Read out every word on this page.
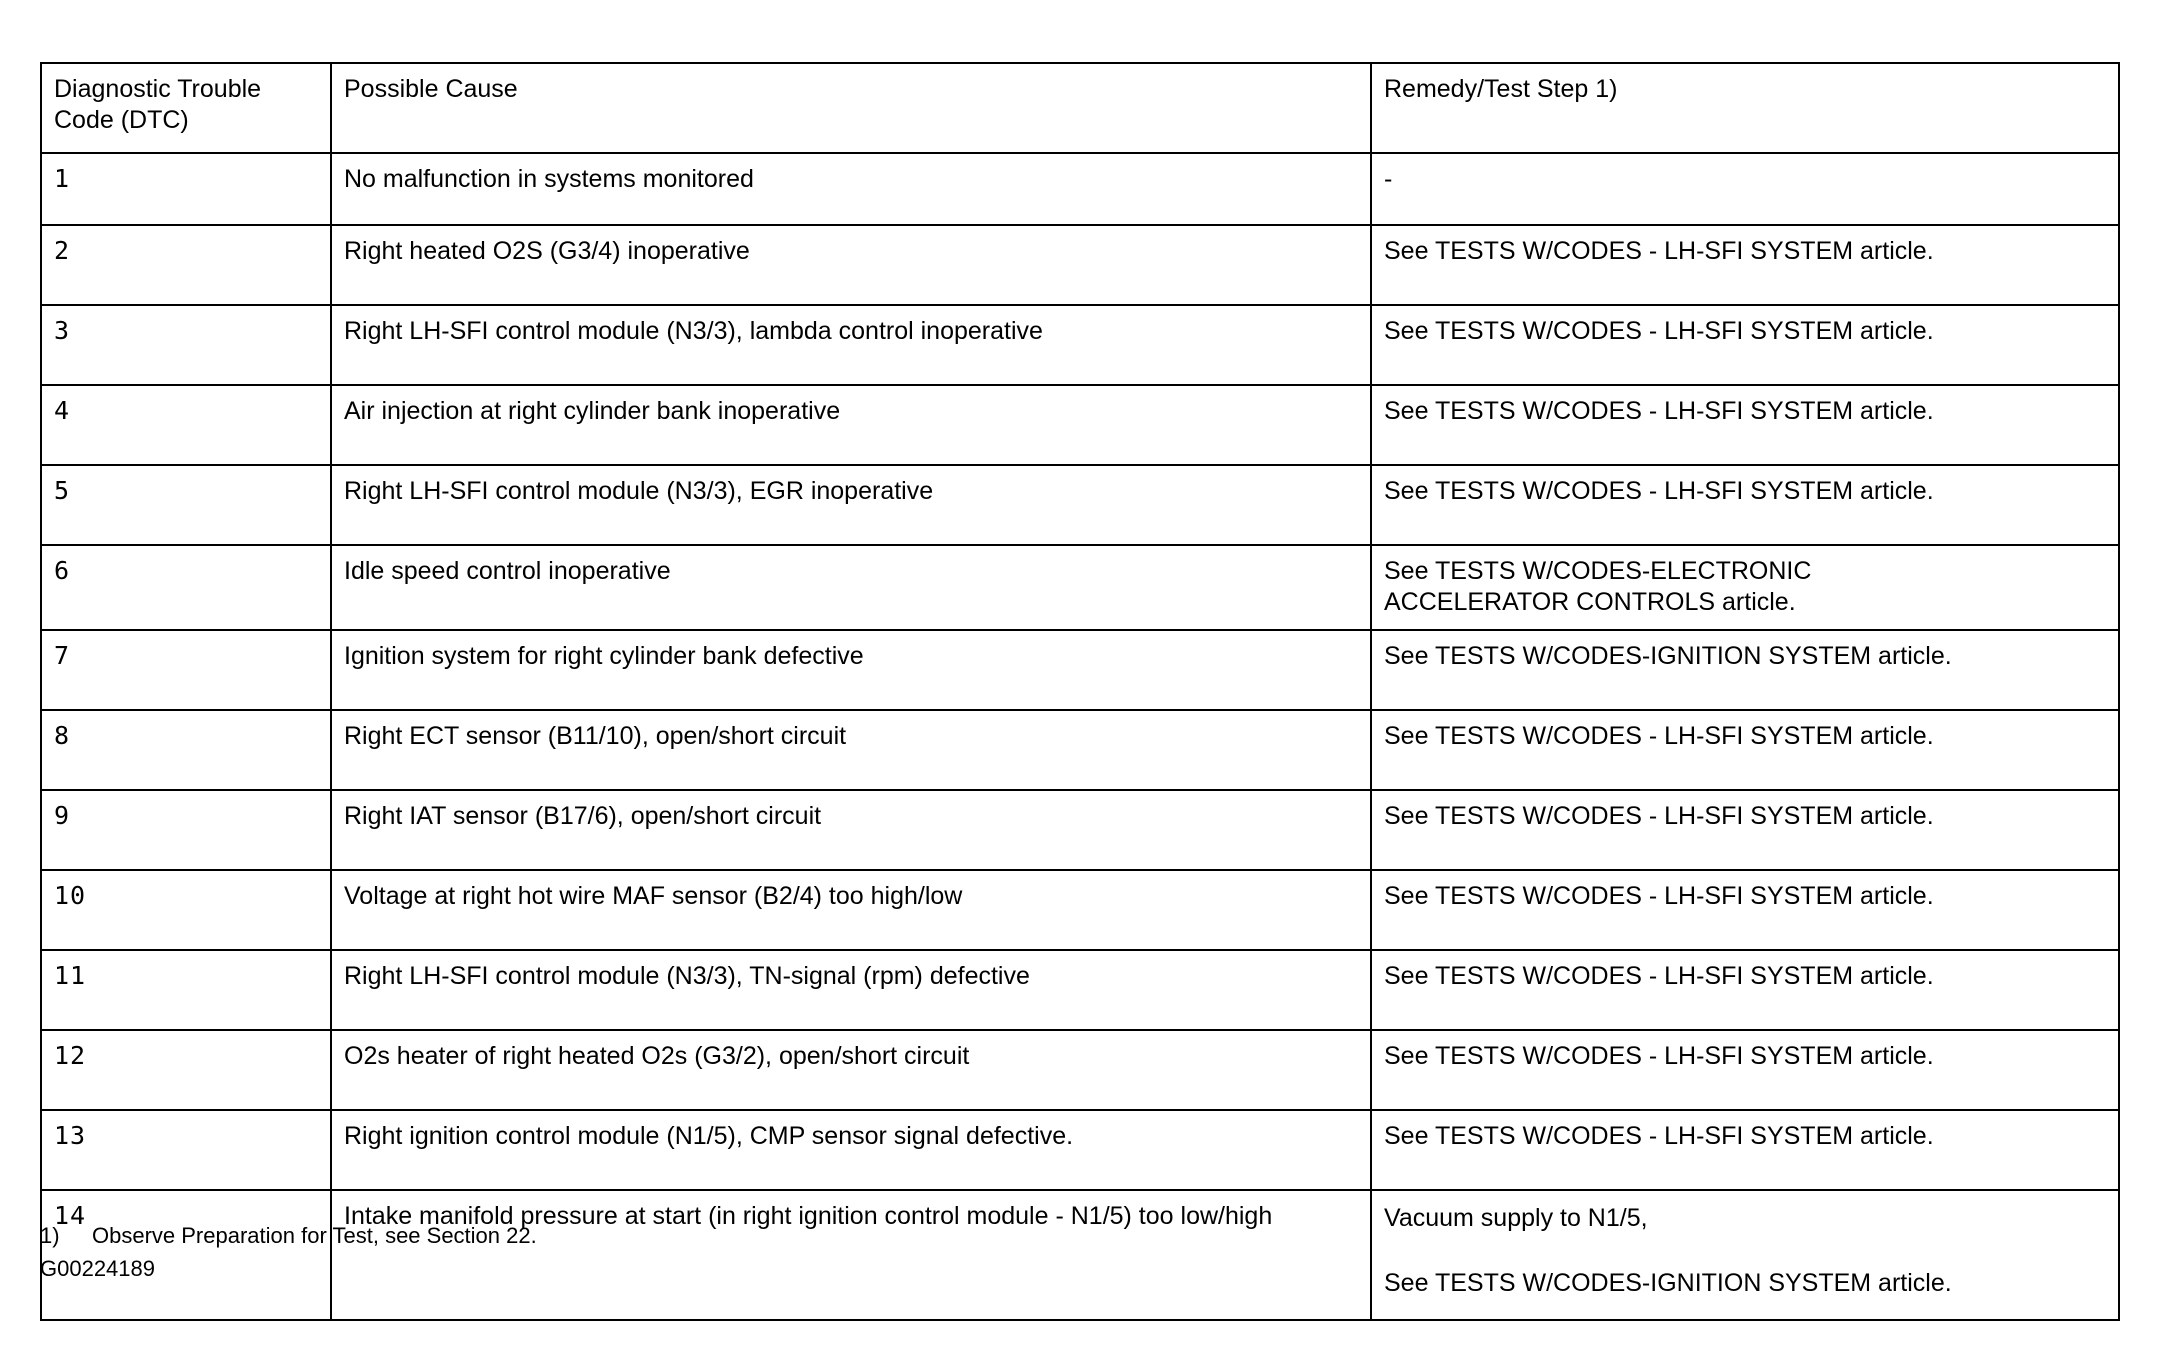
Diagnostic Trouble
Code (DTC)	Possible Cause	Remedy/Test Step 1)
1	No malfunction in systems monitored	-

2	Right heated O2S (G3/4) inoperative	See TESTS W/CODES - LH-SFI SYSTEM article.

3	Right LH-SFI control module (N3/3), lambda control inoperative	See TESTS W/CODES - LH-SFI SYSTEM article.

4	Air injection at right cylinder bank inoperative	See TESTS W/CODES - LH-SFI SYSTEM article.

5	Right LH-SFI control module (N3/3), EGR inoperative	See TESTS W/CODES - LH-SFI SYSTEM article.

6	Idle speed control inoperative	See TESTS W/CODES-ELECTRONIC
ACCELERATOR CONTROLS article.

7	Ignition system for right cylinder bank defective	See TESTS W/CODES-IGNITION SYSTEM article.

8	Right ECT sensor (B11/10), open/short circuit	See TESTS W/CODES - LH-SFI SYSTEM article.

9	Right IAT sensor (B17/6), open/short circuit	See TESTS W/CODES - LH-SFI SYSTEM article.

10	Voltage at right hot wire MAF sensor (B2/4) too high/low	See TESTS W/CODES - LH-SFI SYSTEM article.

11	Right LH-SFI control module (N3/3), TN-signal (rpm) defective	See TESTS W/CODES - LH-SFI SYSTEM article.

12	O2s heater of right heated O2s (G3/2), open/short circuit	See TESTS W/CODES - LH-SFI SYSTEM article.

13	Right ignition control module (N1/5), CMP sensor signal defective.	See TESTS W/CODES - LH-SFI SYSTEM article.

14	Intake manifold pressure at start (in right ignition control module - N1/5) too low/high	Vacuum supply to N1/5,
See TESTS W/CODES-IGNITION SYSTEM article.
1) Observe Preparation for Test, see Section 22.
G00224189
